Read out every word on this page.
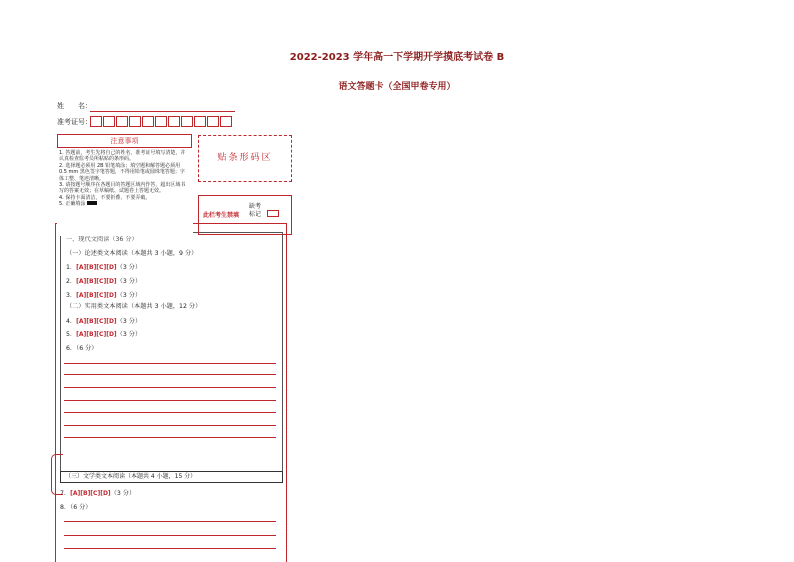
2022-2023 学年高一下学期开学摸底考试卷 B
语文答题卡（全国甲卷专用）
姓　　名：
准考证号：
贴条形码区
一、现代文阅读（36 分）
此栏考生禁填
缺考
标记
注意事项

1. 答题前，考生先将自己的姓名，准考证号填写清楚，并认真检查监考员所粘贴的条形码。

2. 选择题必须用 2B 铅笔填涂；填空题和解答题必须用 0.5 mm 黑色签字笔答题，不得用铅笔或圆珠笔答题；字体工整、笔迹清晰。

3. 请按题号顺序在各题目的答题区域内作答，超出区域书写的答案无效；在草稿纸、试题卷上答题无效。

4. 保持卡面清洁，不要折叠，不要弄破。

5. 正确填涂

（一）论述类文本阅读（本题共 3 小题，9 分）
1．[A][B][C][D]（3 分）
2．[A][B][C][D]（3 分）
3．[A][B][C][D]（3 分）
（二）实用类文本阅读（本题共 3 小题，12 分）
4．[A][B][C][D]（3 分）
5．[A][B][C][D]（3 分）
6．（6 分）
（三）文学类文本阅读（本题共 4 小题，15 分）
7．[A][B][C][D]（3 分）
8．（6 分）
